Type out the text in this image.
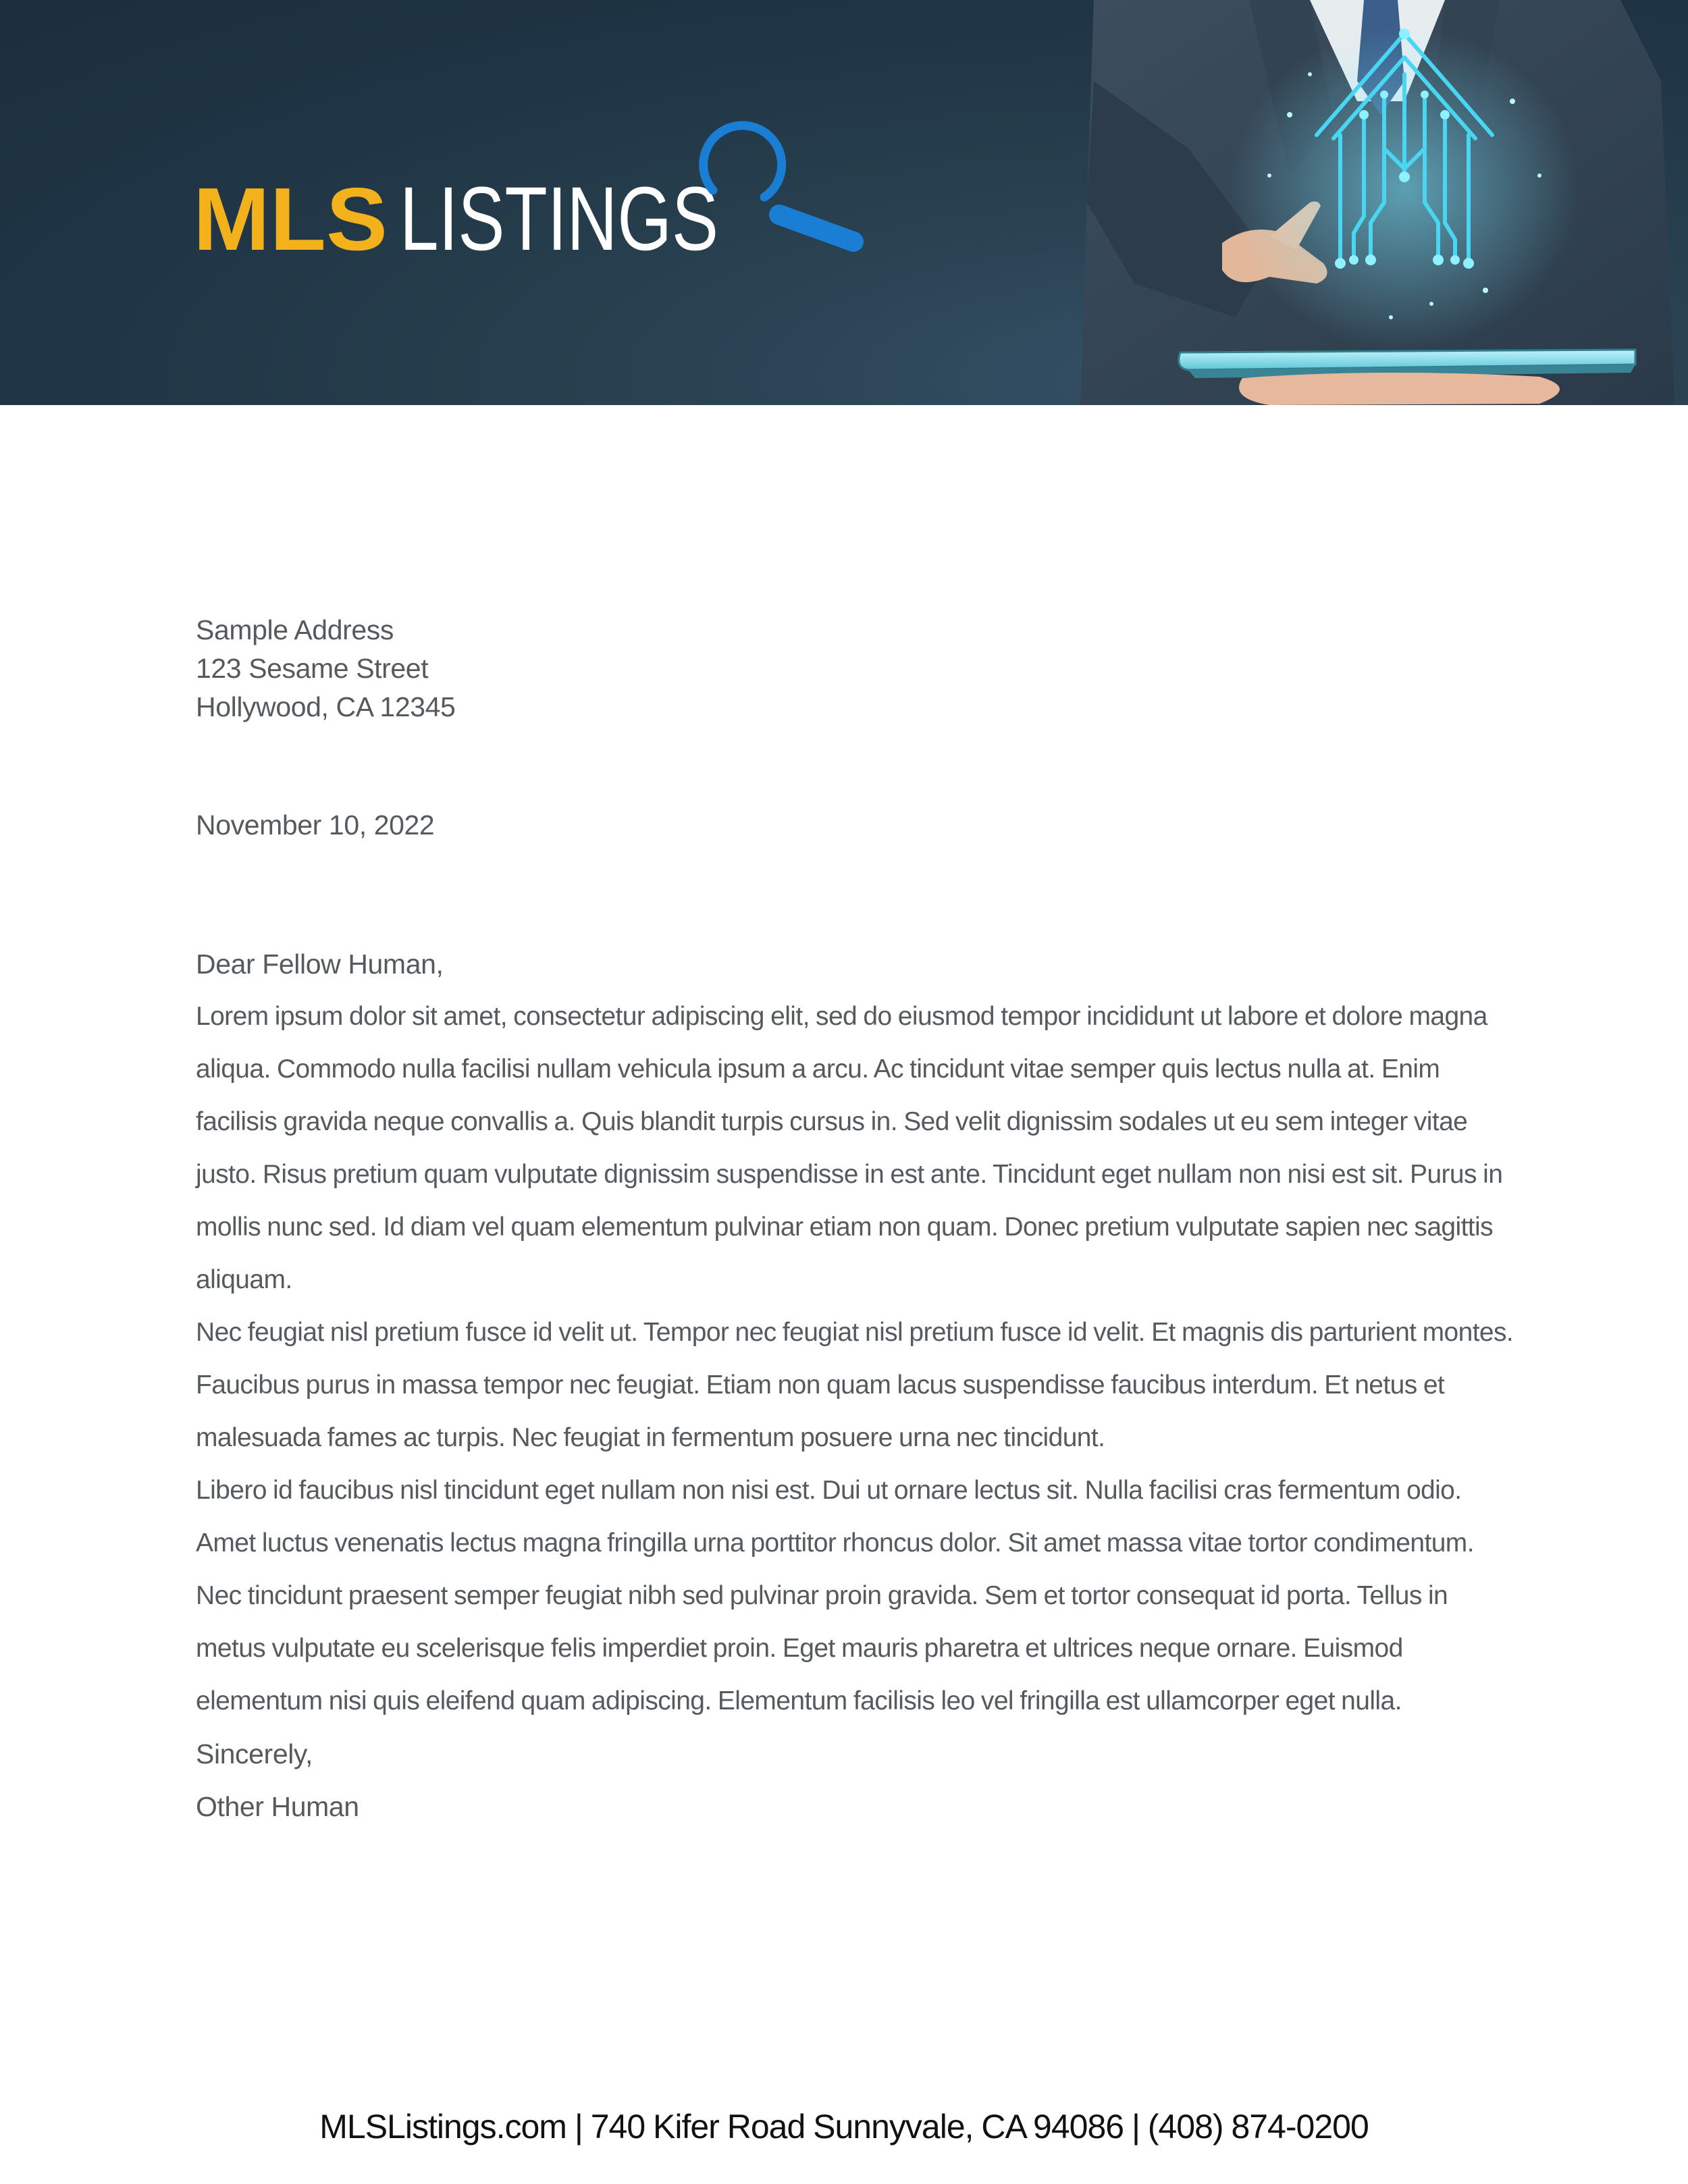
MLS LISTINGS
Sample Address
123 Sesame Street
Hollywood, CA 12345
November 10, 2022
Dear Fellow Human,

Lorem ipsum dolor sit amet, consectetur adipiscing elit, sed do eiusmod tempor incididunt ut labore et dolore magna aliqua. Commodo nulla facilisi nullam vehicula ipsum a arcu. Ac tincidunt vitae semper quis lectus nulla at. Enim facilisis gravida neque convallis a. Quis blandit turpis cursus in. Sed velit dignissim sodales ut eu sem integer vitae justo. Risus pretium quam vulputate dignissim suspendisse in est ante. Tincidunt eget nullam non nisi est sit. Purus in mollis nunc sed. Id diam vel quam elementum pulvinar etiam non quam. Donec pretium vulputate sapien nec sagittis aliquam.

Nec feugiat nisl pretium fusce id velit ut. Tempor nec feugiat nisl pretium fusce id velit. Et magnis dis parturient montes. Faucibus purus in massa tempor nec feugiat. Etiam non quam lacus suspendisse faucibus interdum. Et netus et malesuada fames ac turpis. Nec feugiat in fermentum posuere urna nec tincidunt.

Libero id faucibus nisl tincidunt eget nullam non nisi est. Dui ut ornare lectus sit. Nulla facilisi cras fermentum odio. Amet luctus venenatis lectus magna fringilla urna porttitor rhoncus dolor. Sit amet massa vitae tortor condimentum. Nec tincidunt praesent semper feugiat nibh sed pulvinar proin gravida. Sem et tortor consequat id porta. Tellus in metus vulputate eu scelerisque felis imperdiet proin. Eget mauris pharetra et ultrices neque ornare. Euismod elementum nisi quis eleifend quam adipiscing. Elementum facilisis leo vel fringilla est ullamcorper eget nulla.

Sincerely,
Other Human
MLSListings.com | 740 Kifer Road Sunnyvale, CA 94086 | (408) 874-0200
